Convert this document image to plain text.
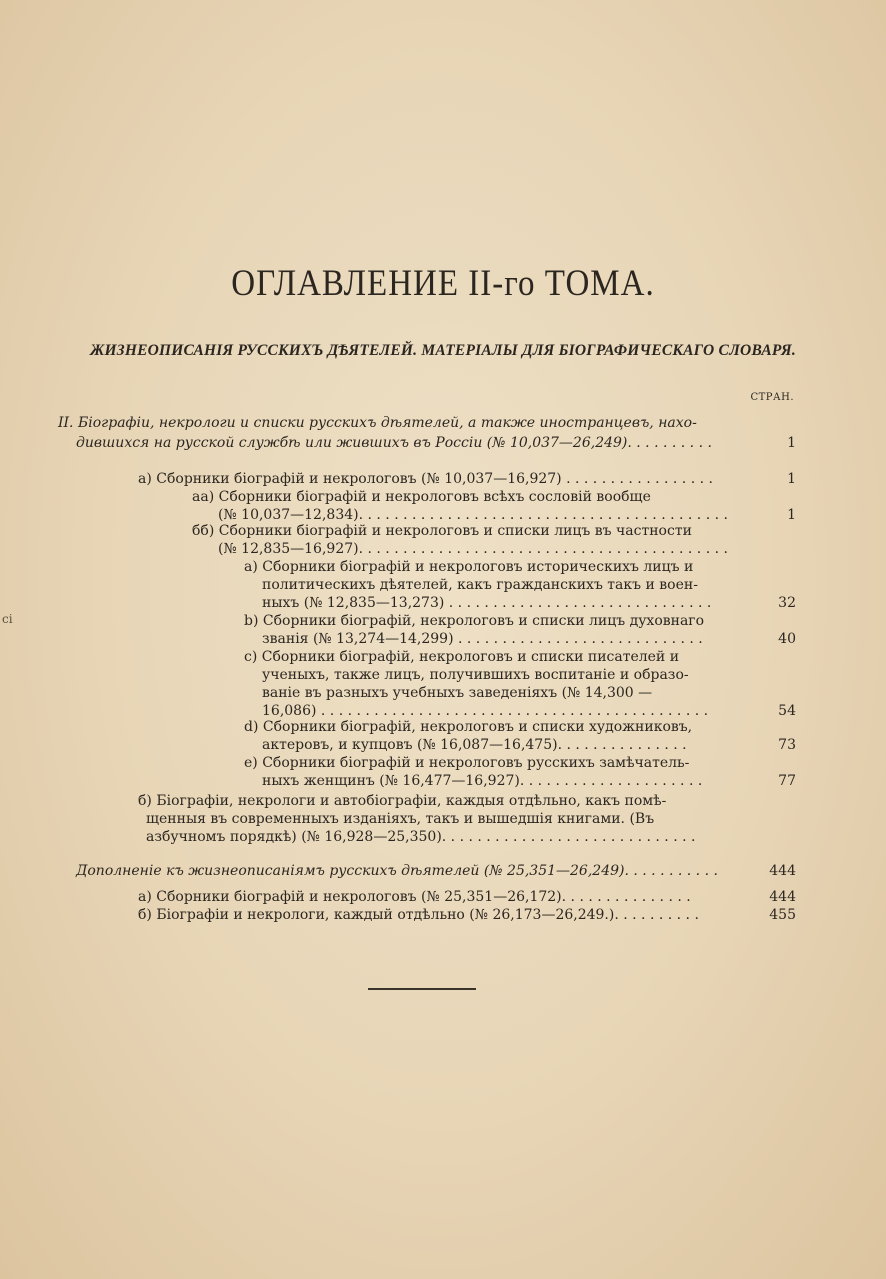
ОГЛАВЛЕНИЕ II-го ТОМА.
ЖИЗНЕОПИСАНІЯ РУССКИХЪ ДѢЯТЕЛЕЙ. МАТЕРІАЛЫ ДЛЯ БІОГРАФИЧЕСКАГО СЛОВАРЯ.
СТРАН.
сі
II. Біографіи, некрологи и списки русскихъ дѣятелей, а также иностранцевъ, нахо-
дившихся на русской службѣ или жившихъ въ Россіи (№ 10,037—26,249). . . . . . . . . .	1
а) Сборники біографій и некрологовъ (№ 10,037—16,927) . . . . . . . . . . . . . . . . .	1
аа) Сборники біографій и некрологовъ всѣхъ сословій вообще
(№ 10,037—12,834). . . . . . . . . . . . . . . . . . . . . . . . . . . . . . . . . . . . . . . . . .	1
бб) Сборники біографій и некрологовъ и списки лицъ въ частности
(№ 12,835—16,927). . . . . . . . . . . . . . . . . . . . . . . . . . . . . . . . . . . . . . . . . .
а) Сборники біографій и некрологовъ историческихъ лицъ и
политическихъ дѣятелей, какъ гражданскихъ такъ и воен-
ныхъ (№ 12,835—13,273) . . . . . . . . . . . . . . . . . . . . . . . . . . . . . .	32
b) Сборники біографій, некрологовъ и списки лицъ духовнаго
званія (№ 13,274—14,299) . . . . . . . . . . . . . . . . . . . . . . . . . . . .	40
c) Сборники біографій, некрологовъ и списки писателей и
ученыхъ, также лицъ, получившихъ воспитаніе и образо-
ваніе въ разныхъ учебныхъ заведеніяхъ (№ 14,300 —
16,086) . . . . . . . . . . . . . . . . . . . . . . . . . . . . . . . . . . . . . . . . . . . .	54
d) Сборники біографій, некрологовъ и списки художниковъ,
актеровъ, и купцовъ (№ 16,087—16,475). . . . . . . . . . . . . . .	73
e) Сборники біографій и некрологовъ русскихъ замѣчатель-
ныхъ женщинъ (№ 16,477—16,927). . . . . . . . . . . . . . . . . . . . .	77
б) Біографіи, некрологи и автобіографіи, каждыя отдѣльно, какъ помѣ-
щенныя въ современныхъ изданіяхъ, такъ и вышедшія книгами. (Въ
азбучномъ порядкѣ) (№ 16,928—25,350). . . . . . . . . . . . . . . . . . . . . . . . . . . . .
Дополненіе къ жизнеописаніямъ русскихъ дѣятелей (№ 25,351—26,249). . . . . . . . . . .	444
а) Сборники біографій и некрологовъ (№ 25,351—26,172). . . . . . . . . . . . . . .	444
б) Біографіи и некрологи, каждый отдѣльно (№ 26,173—26,249.). . . . . . . . . .	455
